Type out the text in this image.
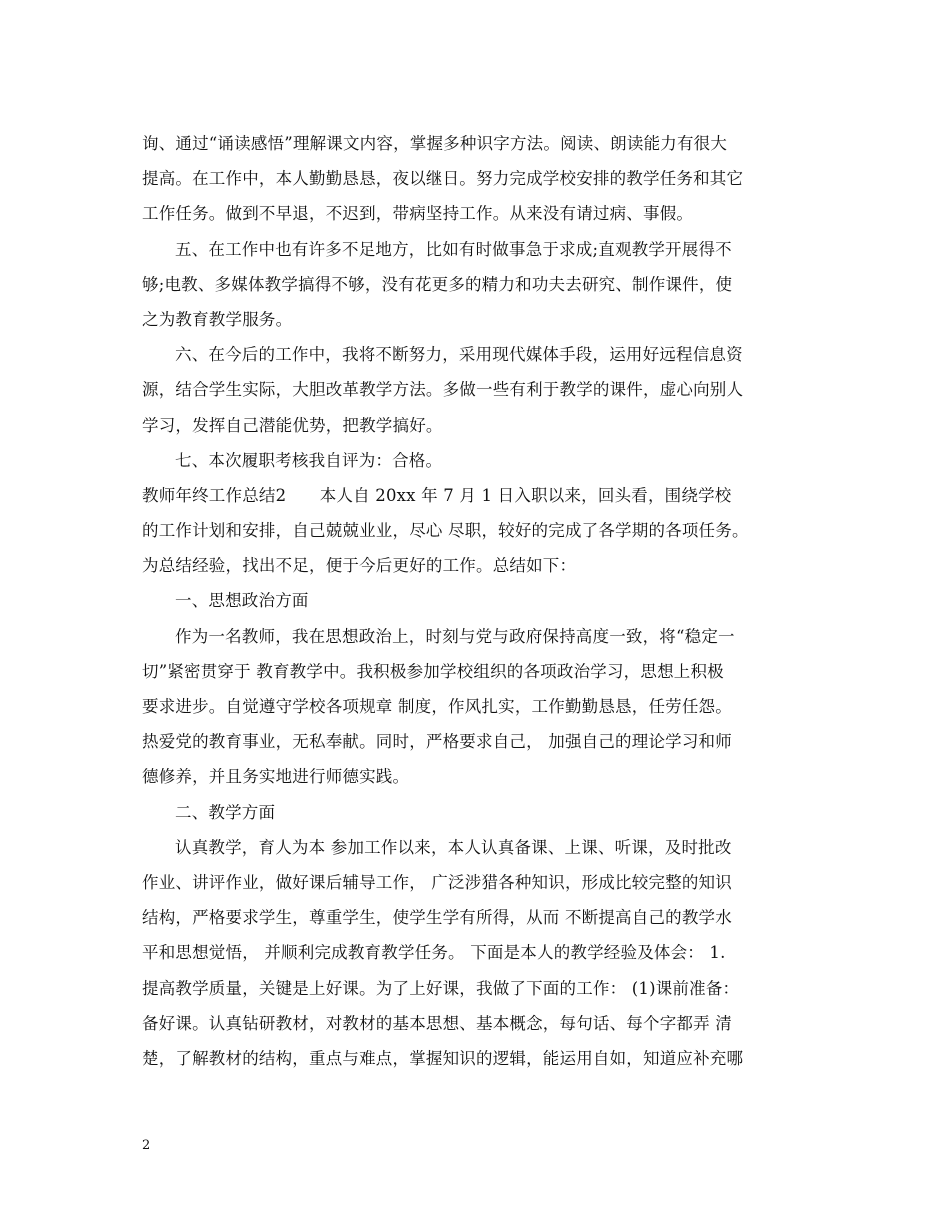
询、通过“诵读感悟”理解课文内容，掌握多种识字方法。阅读、朗读能力有很大
提高。在工作中，本人勤勤恳恳，夜以继日。努力完成学校安排的教学任务和其它
工作任务。做到不早退，不迟到，带病坚持工作。从来没有请过病、事假。
五、在工作中也有许多不足地方，比如有时做事急于求成;直观教学开展得不
够;电教、多媒体教学搞得不够，没有花更多的精力和功夫去研究、制作课件，使
之为教育教学服务。
六、在今后的工作中，我将不断努力，采用现代媒体手段，运用好远程信息资
源，结合学生实际，大胆改革教学方法。多做一些有利于教学的课件，虚心向别人
学习，发挥自己潜能优势，把教学搞好。
七、本次履职考核我自评为：合格。
教师年终工作总结2　　本人自 20xx 年 7 月 1 日入职以来，回头看，围绕学校
的工作计划和安排，自己兢兢业业，尽心 尽职，较好的完成了各学期的各项任务。
为总结经验，找出不足，便于今后更好的工作。总结如下：
一、思想政治方面
作为一名教师，我在思想政治上，时刻与党与政府保持高度一致，将“稳定一
切”紧密贯穿于 教育教学中。我积极参加学校组织的各项政治学习，思想上积极
要求进步。自觉遵守学校各项规章 制度，作风扎实，工作勤勤恳恳，任劳任怨。
热爱党的教育事业，无私奉献。同时，严格要求自己， 加强自己的理论学习和师
德修养，并且务实地进行师德实践。
二、教学方面
认真教学，育人为本 参加工作以来，本人认真备课、上课、听课，及时批改
作业、讲评作业，做好课后辅导工作， 广泛涉猎各种知识，形成比较完整的知识
结构，严格要求学生，尊重学生，使学生学有所得，从而 不断提高自己的教学水
平和思想觉悟， 并顺利完成教育教学任务。 下面是本人的教学经验及体会： 1.
提高教学质量，关键是上好课。为了上好课，我做了下面的工作： (1)课前准备：
备好课。认真钻研教材，对教材的基本思想、基本概念，每句话、每个字都弄 清
楚，了解教材的结构，重点与难点，掌握知识的逻辑，能运用自如，知道应补充哪
2
